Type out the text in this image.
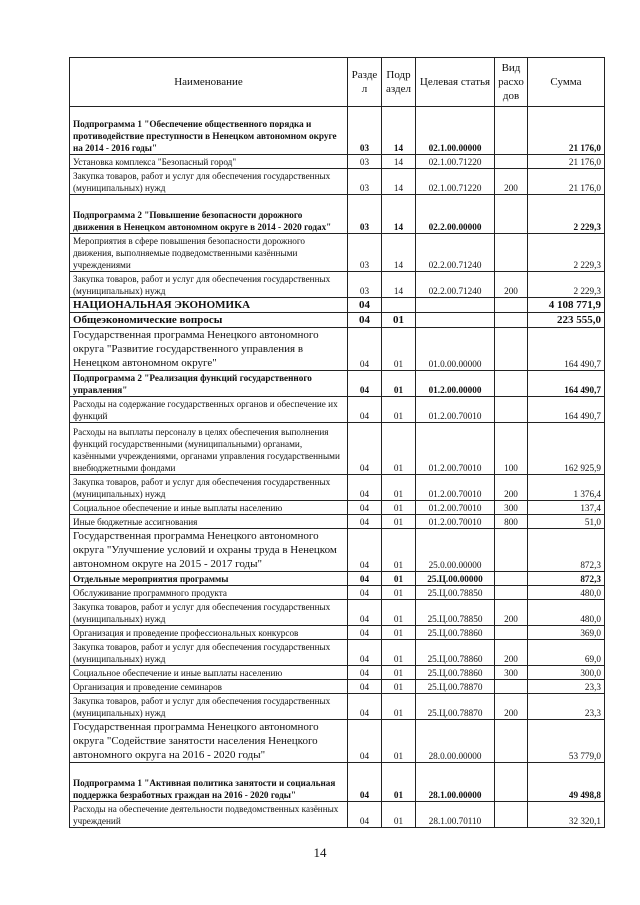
Наименование	Разде л	Подр аздел	Целевая статья	Вид расхо дов	Сумма
Подпрограмма 1 "Обеспечение общественного порядка и противодействие преступности в Ненецком автономном округе на 2014 - 2016 годы"	03	14	02.1.00.00000		21 176,0
Установка комплекса "Безопасный город"	03	14	02.1.00.71220		21 176,0
Закупка товаров, работ и услуг для обеспечения государственных (муниципальных) нужд	03	14	02.1.00.71220	200	21 176,0
Подпрограмма 2 "Повышение безопасности дорожного движения в Ненецком автономном округе в 2014 - 2020 годах"	03	14	02.2.00.00000		2 229,3
Мероприятия в сфере повышения безопасности дорожного движения, выполняемые подведомственными казёнными учреждениями	03	14	02.2.00.71240		2 229,3
Закупка товаров, работ и услуг для обеспечения государственных (муниципальных) нужд	03	14	02.2.00.71240	200	2 229,3
НАЦИОНАЛЬНАЯ ЭКОНОМИКА	04				4 108 771,9
Общеэкономические вопросы	04	01			223 555,0
Государственная программа Ненецкого автономного округа "Развитие государственного управления в Ненецком автономном округе"	04	01	01.0.00.00000		164 490,7
Подпрограмма 2 "Реализация функций государственного управления"	04	01	01.2.00.00000		164 490,7
Расходы на содержание государственных органов и обеспечение их функций	04	01	01.2.00.70010		164 490,7
Расходы на выплаты персоналу в целях обеспечения выполнения функций государственными (муниципальными) органами, казёнными учреждениями, органами управления государственными внебюджетными фондами	04	01	01.2.00.70010	100	162 925,9
Закупка товаров, работ и услуг для обеспечения государственных (муниципальных) нужд	04	01	01.2.00.70010	200	1 376,4
Социальное обеспечение и иные выплаты населению	04	01	01.2.00.70010	300	137,4
Иные бюджетные ассигнования	04	01	01.2.00.70010	800	51,0
Государственная программа Ненецкого автономного округа "Улучшение условий и охраны труда в Ненецком автономном округе на 2015 - 2017 годы"	04	01	25.0.00.00000		872,3
Отдельные мероприятия программы	04	01	25.Ц.00.00000		872,3
Обслуживание программного продукта	04	01	25.Ц.00.78850		480,0
Закупка товаров, работ и услуг для обеспечения государственных (муниципальных) нужд	04	01	25.Ц.00.78850	200	480,0
Организация и проведение профессиональных конкурсов	04	01	25.Ц.00.78860		369,0
Закупка товаров, работ и услуг для обеспечения государственных (муниципальных) нужд	04	01	25.Ц.00.78860	200	69,0
Социальное обеспечение и иные выплаты населению	04	01	25.Ц.00.78860	300	300,0
Организация и проведение семинаров	04	01	25.Ц.00.78870		23,3
Закупка товаров, работ и услуг для обеспечения государственных (муниципальных) нужд	04	01	25.Ц.00.78870	200	23,3
Государственная программа Ненецкого автономного округа "Содействие занятости населения Ненецкого автономного округа на 2016 - 2020 годы"	04	01	28.0.00.00000		53 779,0
Подпрограмма 1 "Активная политика занятости и социальная поддержка безработных граждан на 2016 - 2020 годы"	04	01	28.1.00.00000		49 498,8
Расходы на обеспечение деятельности подведомственных казённых учреждений	04	01	28.1.00.70110		32 320,1
14
